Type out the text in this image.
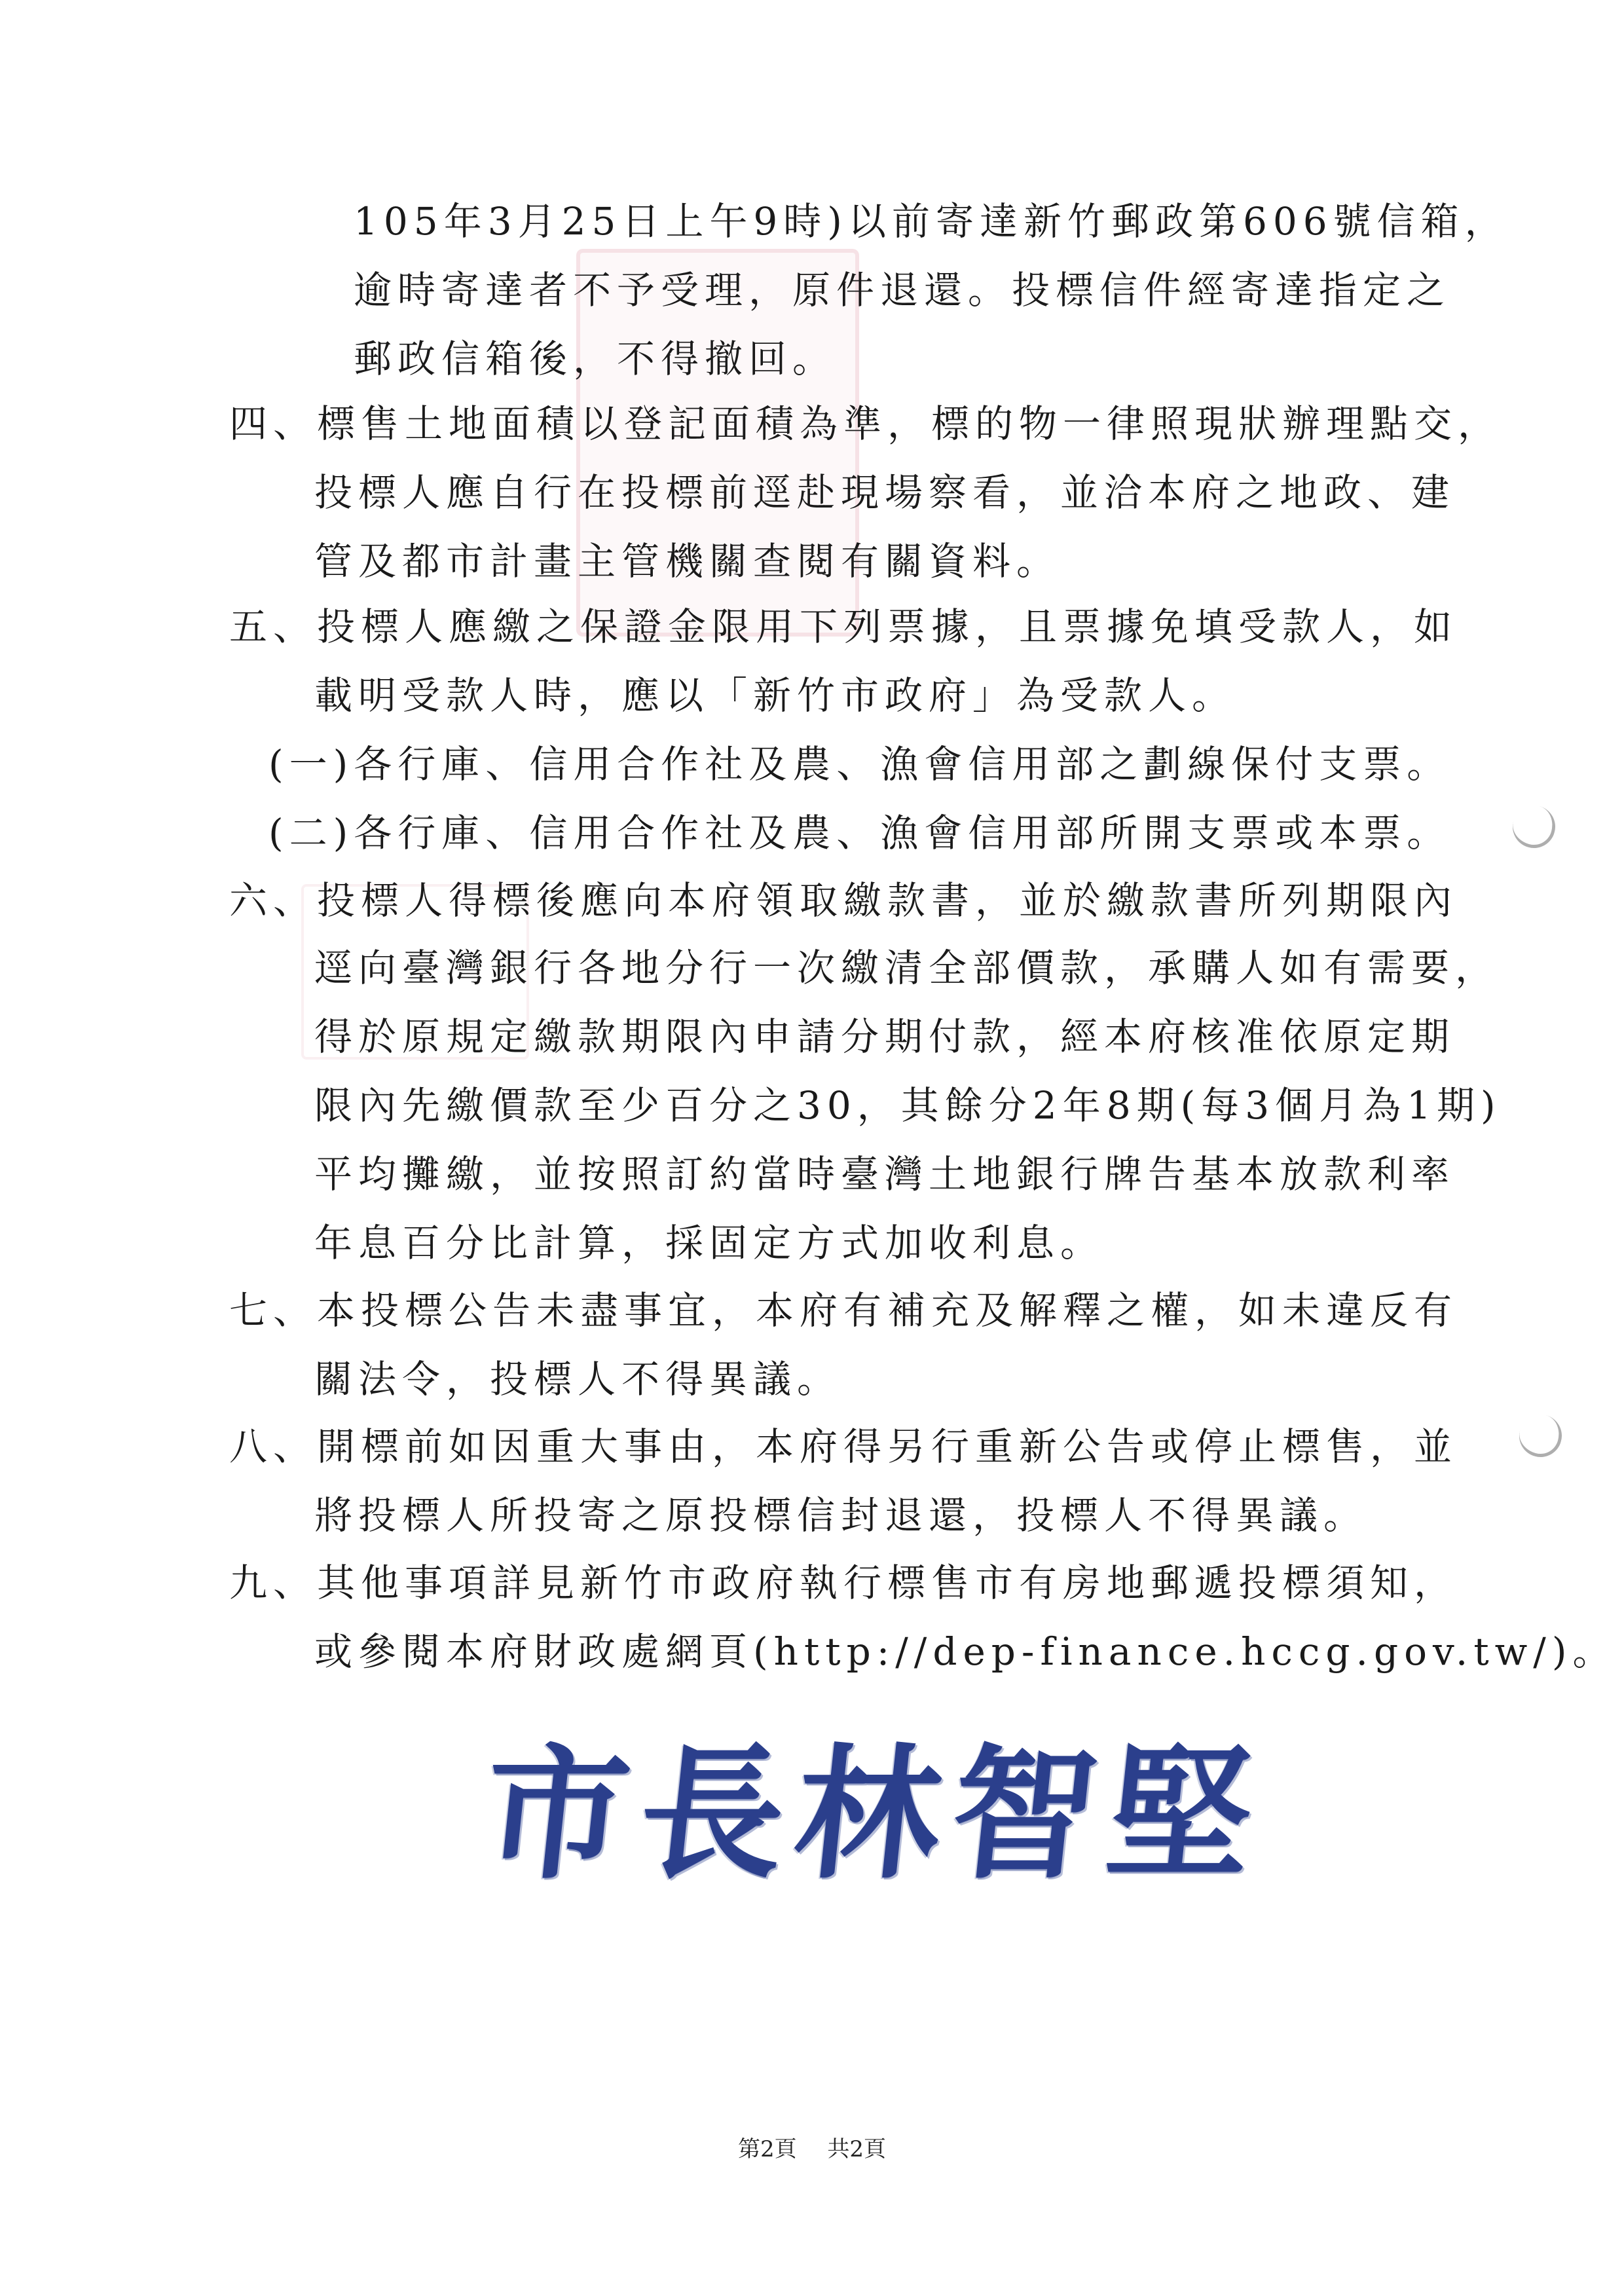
105年3月25日上午9時)以前寄達新竹郵政第606號信箱，
逾時寄達者不予受理，原件退還。投標信件經寄達指定之
郵政信箱後，不得撤回。
四、標售土地面積以登記面積為準，標的物一律照現狀辦理點交，
投標人應自行在投標前逕赴現場察看，並洽本府之地政、建
管及都市計畫主管機關查閱有關資料。
五、投標人應繳之保證金限用下列票據，且票據免填受款人，如
載明受款人時，應以「新竹市政府」為受款人。
(一)各行庫、信用合作社及農、漁會信用部之劃線保付支票。
(二)各行庫、信用合作社及農、漁會信用部所開支票或本票。
六、投標人得標後應向本府領取繳款書，並於繳款書所列期限內
逕向臺灣銀行各地分行一次繳清全部價款，承購人如有需要，
得於原規定繳款期限內申請分期付款，經本府核准依原定期
限內先繳價款至少百分之30，其餘分2年8期(每3個月為1期)
平均攤繳，並按照訂約當時臺灣土地銀行牌告基本放款利率
年息百分比計算，採固定方式加收利息。
七、本投標公告未盡事宜，本府有補充及解釋之權，如未違反有
關法令，投標人不得異議。
八、開標前如因重大事由，本府得另行重新公告或停止標售，並
將投標人所投寄之原投標信封退還，投標人不得異議。
九、其他事項詳見新竹市政府執行標售市有房地郵遞投標須知，
或參閱本府財政處網頁(http://dep-finance.hccg.gov.tw/)。
市長林智堅
第2頁 共2頁
